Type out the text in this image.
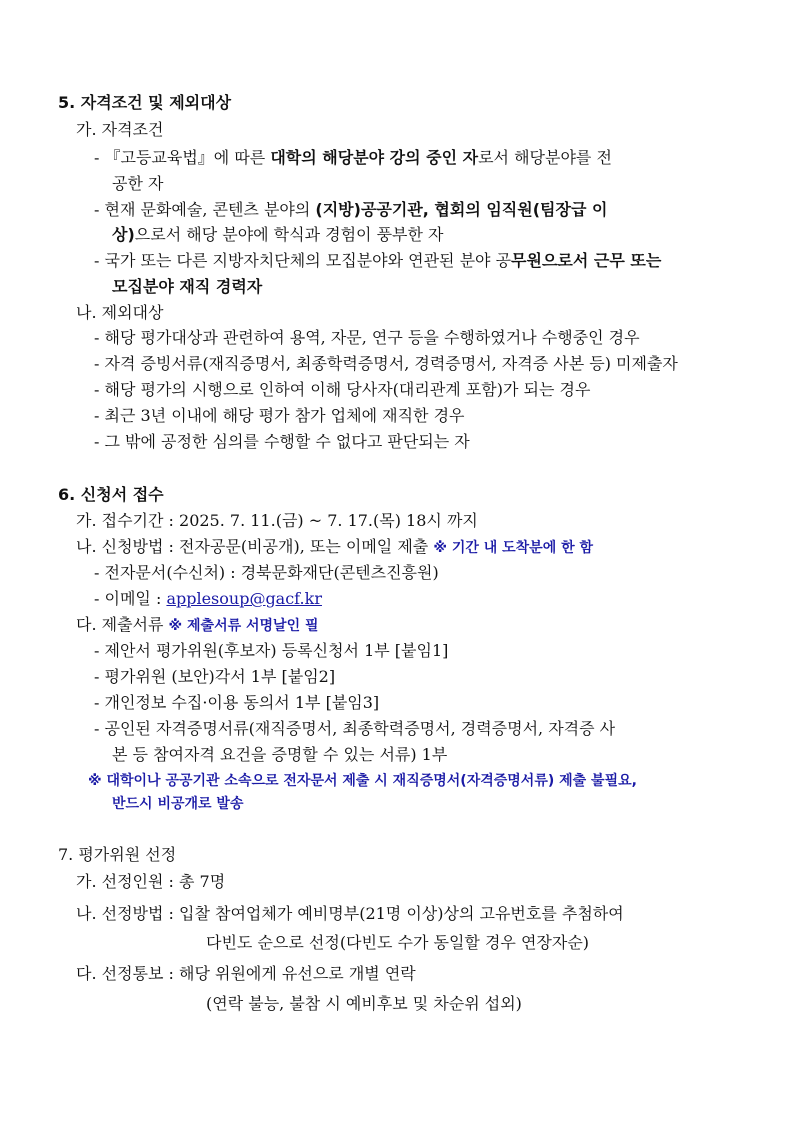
5. 자격조건 및 제외대상
가. 자격조건
- 『고등교육법』에 따른 대학의 해당분야 강의 중인 자로서 해당분야를 전
공한 자
- 현재 문화예술, 콘텐츠 분야의 (지방)공공기관, 협회의 임직원(팀장급 이
상)으로서 해당 분야에 학식과 경험이 풍부한 자
- 국가 또는 다른 지방자치단체의 모집분야와 연관된 분야 공무원으로서 근무 또는
모집분야 재직 경력자
나. 제외대상
- 해당 평가대상과 관련하여 용역, 자문, 연구 등을 수행하였거나 수행중인 경우
- 자격 증빙서류(재직증명서, 최종학력증명서, 경력증명서, 자격증 사본 등) 미제출자
- 해당 평가의 시행으로 인하여 이해 당사자(대리관계 포함)가 되는 경우
- 최근 3년 이내에 해당 평가 참가 업체에 재직한 경우
- 그 밖에 공정한 심의를 수행할 수 없다고 판단되는 자
6. 신청서 접수
가. 접수기간 : 2025. 7. 11.(금) ~ 7. 17.(목) 18시 까지
나. 신청방법 : 전자공문(비공개), 또는 이메일 제출 ※ 기간 내 도착분에 한 함
- 전자문서(수신처) : 경북문화재단(콘텐츠진흥원)
- 이메일 : applesoup@gacf.kr
다. 제출서류 ※ 제출서류 서명날인 필
- 제안서 평가위원(후보자) 등록신청서 1부 [붙임1]
- 평가위원 (보안)각서 1부 [붙임2]
- 개인정보 수집·이용 동의서 1부 [붙임3]
- 공인된 자격증명서류(재직증명서, 최종학력증명서, 경력증명서, 자격증 사
본 등 참여자격 요건을 증명할 수 있는 서류) 1부
※ 대학이나 공공기관 소속으로 전자문서 제출 시 재직증명서(자격증명서류) 제출 불필요,
반드시 비공개로 발송
7. 평가위원 선정
가. 선정인원 : 총 7명
나. 선정방법 : 입찰 참여업체가 예비명부(21명 이상)상의 고유번호를 추첨하여
다빈도 순으로 선정(다빈도 수가 동일할 경우 연장자순)
다. 선정통보 : 해당 위원에게 유선으로 개별 연락
(연락 불능, 불참 시 예비후보 및 차순위 섭외)
